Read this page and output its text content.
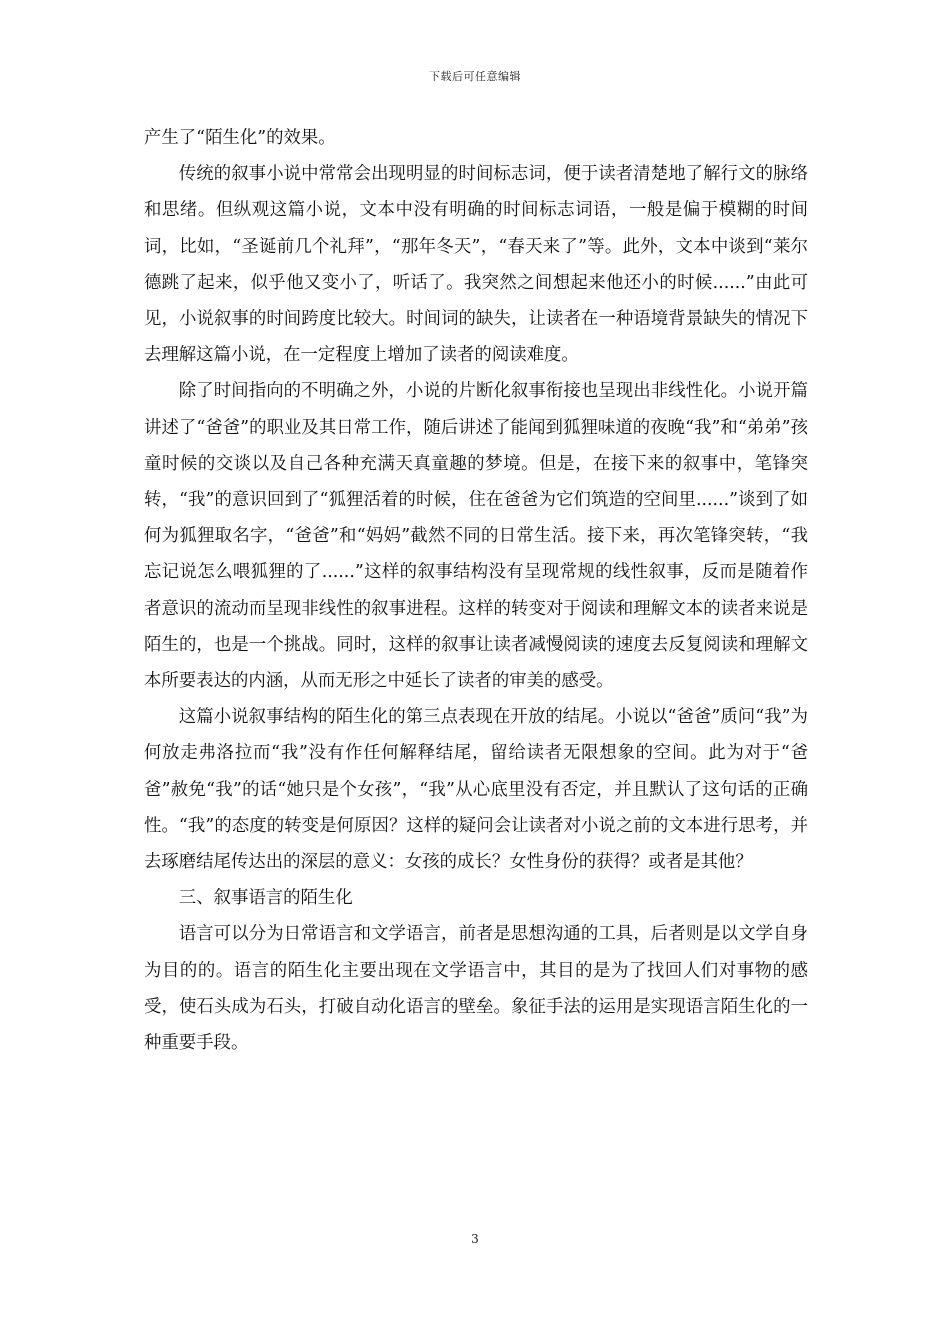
下载后可任意编辑

产生了“陌生化”的效果。

传统的叙事小说中常常会出现明显的时间标志词，便于读者清楚地了解行文的脉络和思绪。但纵观这篇小说，文本中没有明确的时间标志词语，一般是偏于模糊的时间词，比如，“圣诞前几个礼拜”，“那年冬天”，“春天来了”等。此外，文本中谈到“莱尔德跳了起来，似乎他又变小了，听话了。我突然之间想起来他还小的时候......”由此可见，小说叙事的时间跨度比较大。时间词的缺失，让读者在一种语境背景缺失的情况下去理解这篇小说，在一定程度上增加了读者的阅读难度。

除了时间指向的不明确之外，小说的片断化叙事衔接也呈现出非线性化。小说开篇讲述了“爸爸”的职业及其日常工作，随后讲述了能闻到狐狸味道的夜晚“我”和“弟弟”孩童时候的交谈以及自己各种充满天真童趣的梦境。但是，在接下来的叙事中，笔锋突转，“我”的意识回到了“狐狸活着的时候，住在爸爸为它们筑造的空间里......”谈到了如何为狐狸取名字，“爸爸”和“妈妈”截然不同的日常生活。接下来，再次笔锋突转，“我忘记说怎么喂狐狸的了......”这样的叙事结构没有呈现常规的线性叙事，反而是随着作者意识的流动而呈现非线性的叙事进程。这样的转变对于阅读和理解文本的读者来说是陌生的，也是一个挑战。同时，这样的叙事让读者减慢阅读的速度去反复阅读和理解文本所要表达的内涵，从而无形之中延长了读者的审美的感受。

这篇小说叙事结构的陌生化的第三点表现在开放的结尾。小说以“爸爸”质问“我”为何放走弗洛拉而“我”没有作任何解释结尾，留给读者无限想象的空间。此为对于“爸爸”赦免“我”的话“她只是个女孩”，“我”从心底里没有否定，并且默认了这句话的正确性。“我”的态度的转变是何原因？这样的疑问会让读者对小说之前的文本进行思考，并去琢磨结尾传达出的深层的意义：女孩的成长？女性身份的获得？或者是其他？

三、叙事语言的陌生化

语言可以分为日常语言和文学语言，前者是思想沟通的工具，后者则是以文学自身为目的的。语言的陌生化主要出现在文学语言中，其目的是为了找回人们对事物的感受，使石头成为石头，打破自动化语言的壁垒。象征手法的运用是实现语言陌生化的一种重要手段。

3
